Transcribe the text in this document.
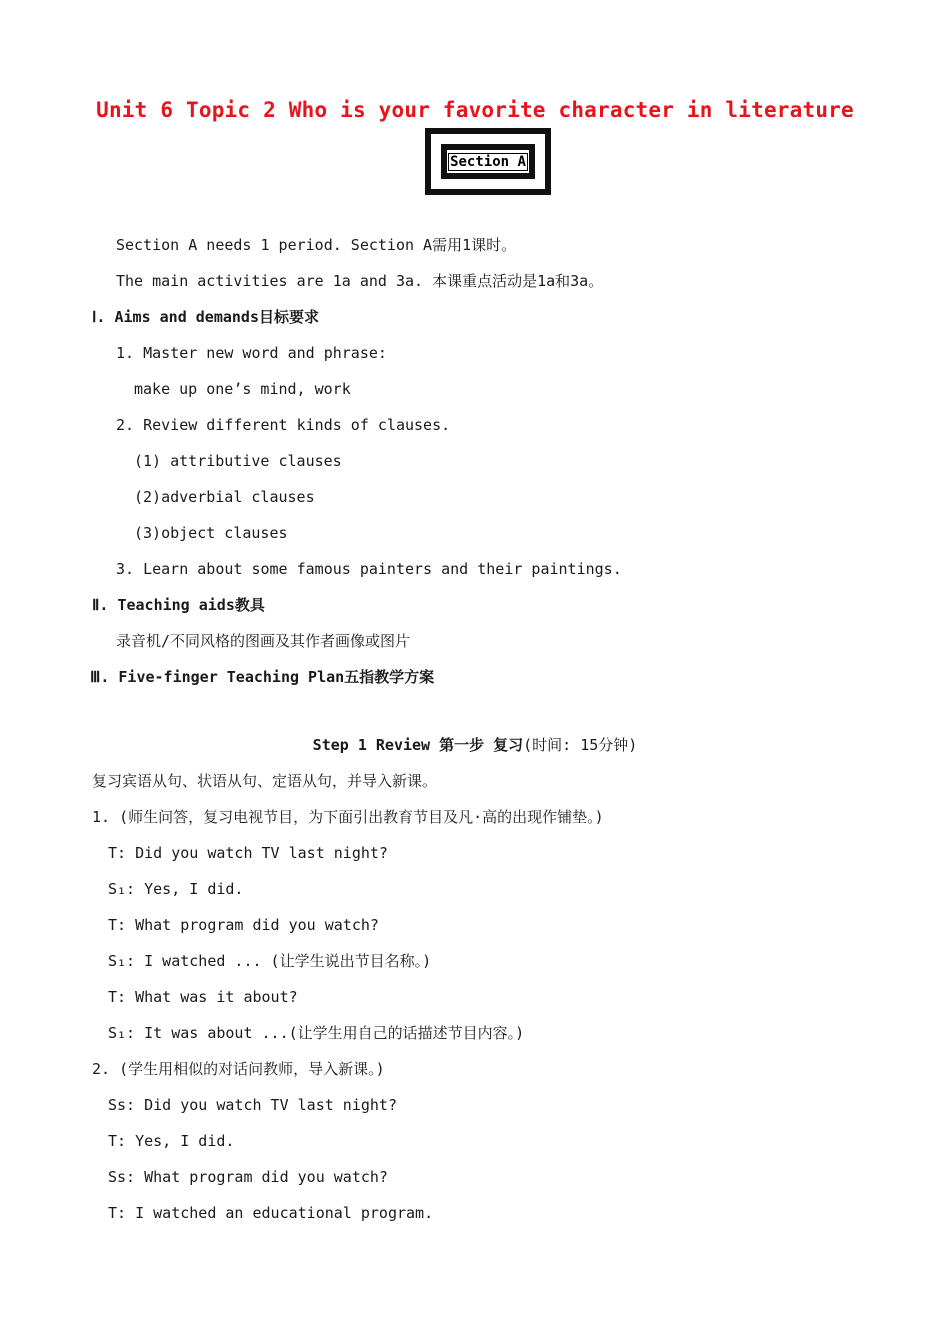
Unit 6 Topic 2 Who is your favorite character in literature
Section A
Section A needs 1 period. Section A需用1课时。
The main activities are 1a and 3a. 本课重点活动是1a和3a。
Ⅰ. Aims and demands目标要求
1. Master new word and phrase:
make up one’s mind, work
2. Review different kinds of clauses.
(1) attributive clauses
(2)adverbial clauses
(3)object clauses
3. Learn about some famous painters and their paintings.
Ⅱ. Teaching aids教具
录音机/不同风格的图画及其作者画像或图片
Ⅲ. Five-finger Teaching Plan五指教学方案
Step 1 Review 第一步 复习(时间: 15分钟)
复习宾语从句、状语从句、定语从句，并导入新课。
1. (师生问答，复习电视节目，为下面引出教育节目及凡·高的出现作铺垫。)
T: Did you watch TV last night?
S₁: Yes, I did.
T: What program did you watch?
S₁: I watched ... (让学生说出节目名称。)
T: What was it about?
S₁: It was about ...(让学生用自己的话描述节目内容。)
2. (学生用相似的对话问教师，导入新课。)
Ss: Did you watch TV last night?
T: Yes, I did.
Ss: What program did you watch?
T: I watched an educational program.
